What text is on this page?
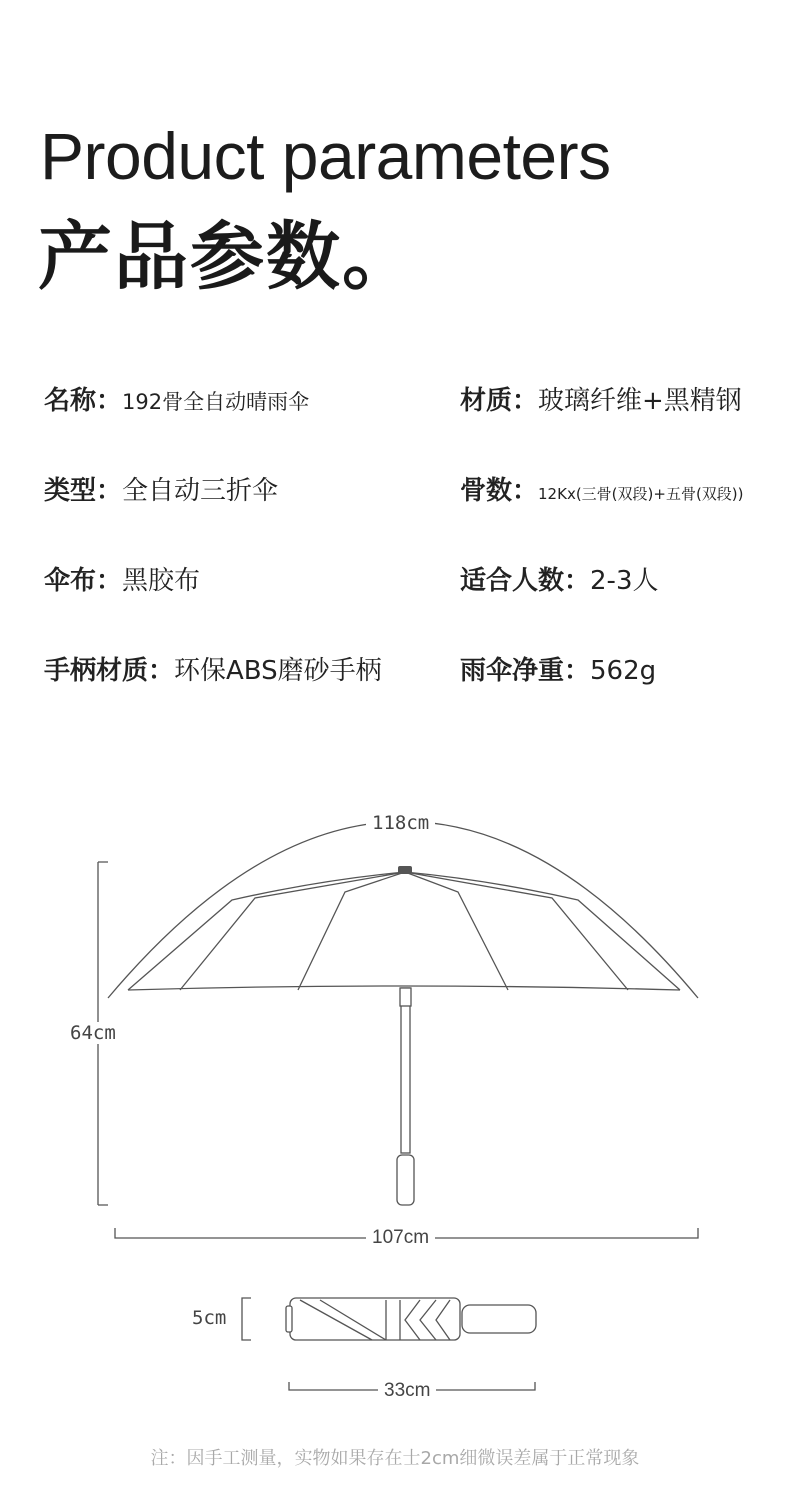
Product parameters
产品参数。
名称：192骨全自动晴雨伞	材质：玻璃纤维+黑精钢
类型：全自动三折伞	骨数：12Kx(三骨(双段)+五骨(双段))
伞布：黑胶布	适合人数：2-3人
手柄材质：环保ABS磨砂手柄	雨伞净重：562g
118cm
64cm
107cm
5cm
33cm
注：因手工测量，实物如果存在士2cm细微误差属于正常现象
